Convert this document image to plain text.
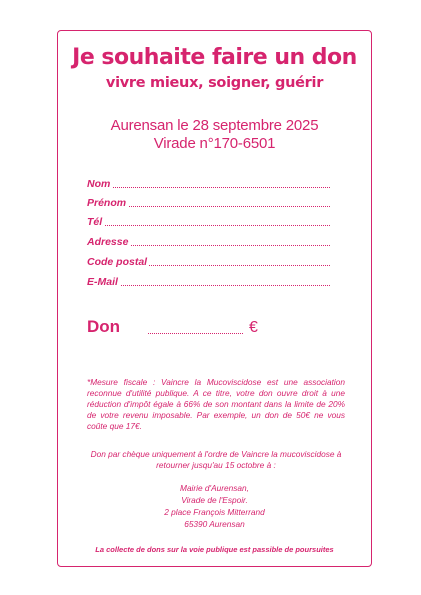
Je souhaite faire un don
vivre mieux, soigner, guérir
Aurensan le 28 septembre 2025
Virade n°170-6501
Nom
Prénom
Tél
Adresse
Code postal
E-Mail
Don	€

*Mesure fiscale : Vaincre la Mucoviscidose est une association reconnue d'utilité publique. A ce titre, votre don ouvre droit à une réduction d'impôt égale à 66% de son montant dans la limite de 20% de votre revenu imposable. Par exemple, un don de 50€ ne vous coûte que 17€.

Don par chèque uniquement à l'ordre de Vaincre la mucoviscidose à retourner jusqu'au 15 octobre à :

Mairie d'Aurensan,
Virade de l'Espoir.
2 place François Mitterrand
65390 Aurensan
La collecte de dons sur la voie publique est passible de poursuites
